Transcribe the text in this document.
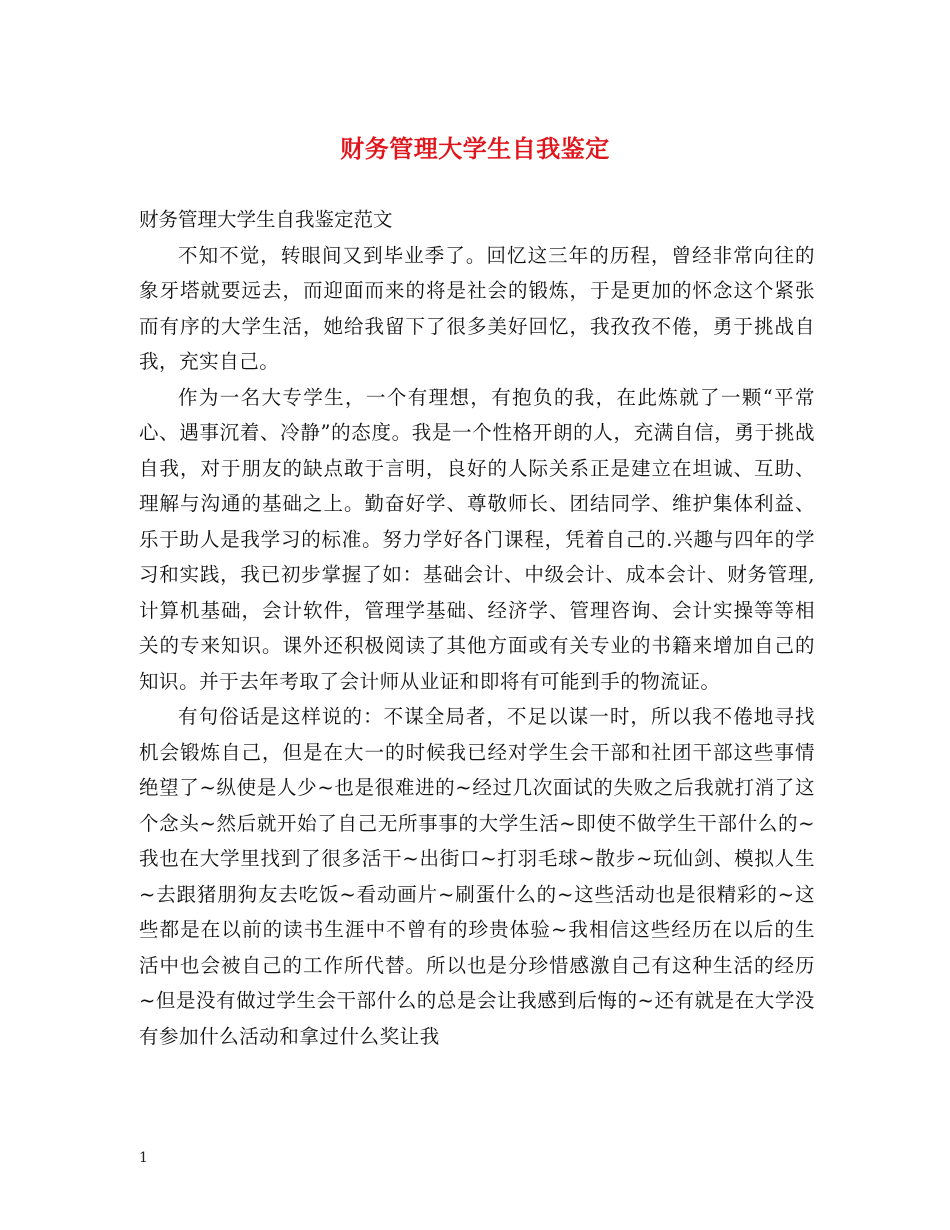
财务管理大学生自我鉴定

财务管理大学生自我鉴定范文

不知不觉，转眼间又到毕业季了。回忆这三年的历程，曾经非常向往的象牙塔就要远去，而迎面而来的将是社会的锻炼，于是更加的怀念这个紧张而有序的大学生活，她给我留下了很多美好回忆，我孜孜不倦，勇于挑战自我，充实自己。

作为一名大专学生，一个有理想，有抱负的我，在此炼就了一颗“平常心、遇事沉着、冷静”的态度。我是一个性格开朗的人，充满自信，勇于挑战自我，对于朋友的缺点敢于言明，良好的人际关系正是建立在坦诚、互助、理解与沟通的基础之上。勤奋好学、尊敬师长、团结同学、维护集体利益、乐于助人是我学习的标准。努力学好各门课程，凭着自己的.兴趣与四年的学习和实践，我已初步掌握了如：基础会计、中级会计、成本会计、财务管理,计算机基础，会计软件，管理学基础、经济学、管理咨询、会计实操等等相关的专来知识。课外还积极阅读了其他方面或有关专业的书籍来增加自己的知识。并于去年考取了会计师从业证和即将有可能到手的物流证。

有句俗话是这样说的：不谋全局者，不足以谋一时，所以我不倦地寻找机会锻炼自己，但是在大一的时候我已经对学生会干部和社团干部这些事情绝望了~纵使是人少~也是很难进的~经过几次面试的失败之后我就打消了这个念头~然后就开始了自己无所事事的大学生活~即使不做学生干部什么的~我也在大学里找到了很多活干~出街口~打羽毛球~散步~玩仙剑、模拟人生~去跟猪朋狗友去吃饭~看动画片~刷蛋什么的~这些活动也是很精彩的~这些都是在以前的读书生涯中不曾有的珍贵体验~我相信这些经历在以后的生活中也会被自己的工作所代替。所以也是分珍惜感激自己有这种生活的经历~但是没有做过学生会干部什么的总是会让我感到后悔的~还有就是在大学没有参加什么活动和拿过什么奖让我

1
